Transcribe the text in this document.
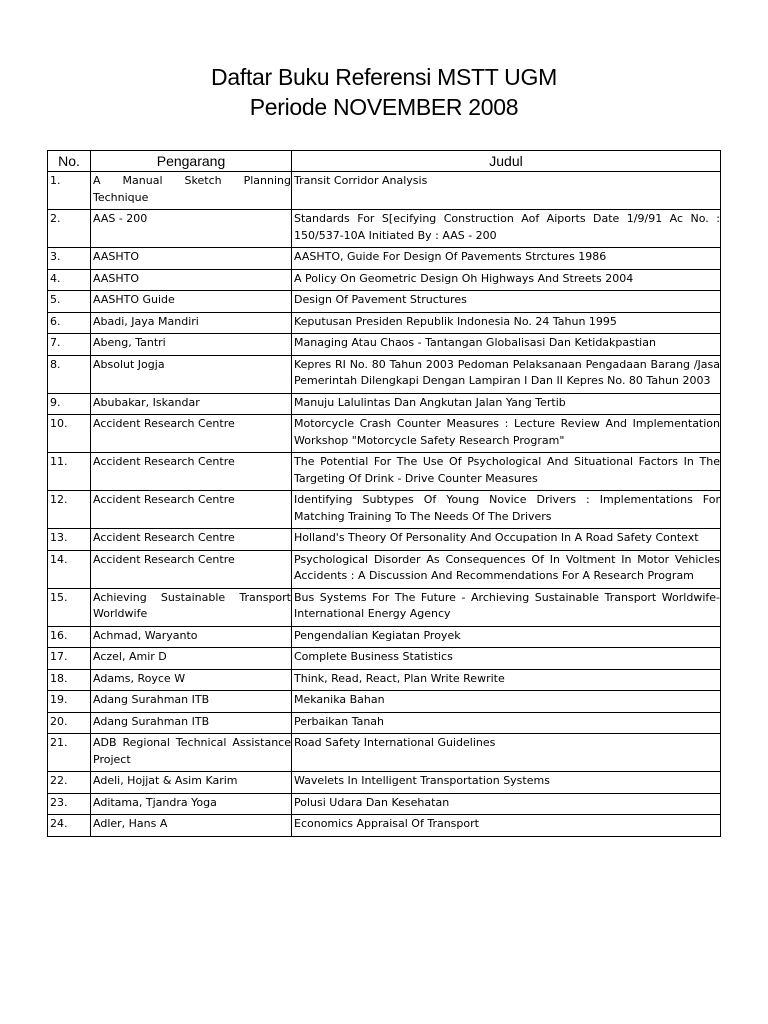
Daftar Buku Referensi MSTT UGM
Periode NOVEMBER 2008
No.	Pengarang	Judul
1.	A Manual Sketch Planning Technique	Transit Corridor Analysis
2.	AAS - 200	Standards For S[ecifying Construction Aof Aiports Date 1/9/91 Ac No. : 150/537-10A Initiated By : AAS - 200
3.	AASHTO	AASHTO, Guide For Design Of Pavements Strctures 1986
4.	AASHTO	A Policy On Geometric Design Oh Highways And Streets 2004
5.	AASHTO Guide	Design Of Pavement Structures
6.	Abadi, Jaya Mandiri	Keputusan Presiden Republik Indonesia No. 24 Tahun 1995
7.	Abeng, Tantri	Managing Atau Chaos - Tantangan Globalisasi Dan Ketidakpastian
8.	Absolut Jogja	Kepres RI No. 80 Tahun 2003 Pedoman Pelaksanaan Pengadaan Barang /Jasa Pemerintah Dilengkapi Dengan Lampiran I Dan II Kepres No. 80 Tahun 2003
9.	Abubakar, Iskandar	Manuju Lalulintas Dan Angkutan Jalan Yang Tertib
10.	Accident Research Centre	Motorcycle Crash Counter Measures : Lecture Review And Implementation Workshop "Motorcycle Safety Research Program"
11.	Accident Research Centre	The Potential For The Use Of Psychological And Situational Factors In The Targeting Of Drink - Drive Counter Measures
12.	Accident Research Centre	Identifying Subtypes Of Young Novice Drivers : Implementations For Matching Training To The Needs Of The Drivers
13.	Accident Research Centre	Holland's Theory Of Personality And Occupation In A Road Safety Context
14.	Accident Research Centre	Psychological Disorder As Consequences Of In Voltment In Motor Vehicles Accidents : A Discussion And Recommendations For A Research Program
15.	Achieving Sustainable Transport Worldwife	Bus Systems For The Future - Archieving Sustainable Transport Worldwife-International Energy Agency
16.	Achmad, Waryanto	Pengendalian Kegiatan Proyek
17.	Aczel, Amir D	Complete Business Statistics
18.	Adams, Royce W	Think, Read, React, Plan Write Rewrite
19.	Adang Surahman ITB	Mekanika Bahan
20.	Adang Surahman ITB	Perbaikan Tanah
21.	ADB Regional Technical Assistance Project	Road Safety International Guidelines
22.	Adeli, Hojjat & Asim Karim	Wavelets In Intelligent Transportation Systems
23.	Aditama, Tjandra Yoga	Polusi Udara Dan Kesehatan
24.	Adler, Hans A	Economics Appraisal Of Transport
